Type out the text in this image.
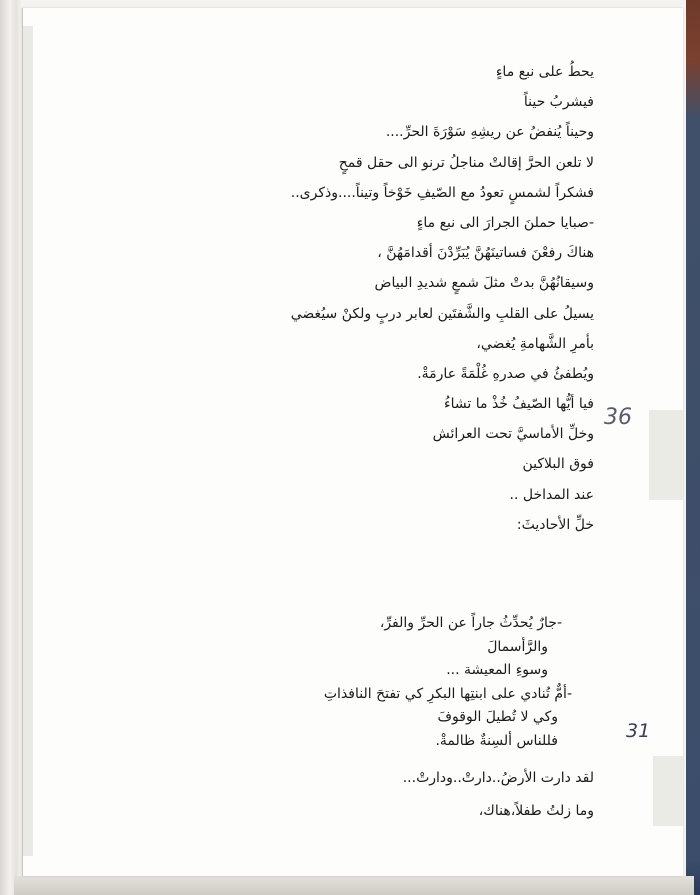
يحطُ على نبع ماءٍ
فيشربُ حيناً
وحيناً يُنفضُ عن ريشِهِ سَوْرَةَ الحرِّ....
لا تلعن الحرَّ إقالتْ مناجلُ ترنو الى حقل قمحٍ
فشكراً لشمسٍ تعودُ مع الصّيفِ خَوْخاً وتيناً....وذكرى..
-صبايا حملنَ الجرارَ الى نبع ماءٍ
هناكَ رفعْنَ فساتينَهُنَّ يُبَرِّدْنَ أقدامَهُنَّ ،
وسيقانُهُنَّ بدتْ مثلَ شمعٍ شديدِ البياض
يسيلُ على القلبِ والشَّفتَين لعابر دربٍ ولكنْ سيُغضي
بأمرِ الشَّهامةِ يُغضي،
ويُطفئُ في صدرهِ غُلْمَةً عارمَةْ.
فيا أيُّها الصّيفُ خُذْ ما تشاءُ
وخلِّ الأماسيَّ تحت العرائش
فوق البلاكين
عند المداخل ..
خلِّ الأحاديثَ:
-جارٌ يُحدِّثُ جاراً عن الحرِّ والفرِّ،
والرَّأسمالَ
وسوءِ المعيشة ...
-أمٌّ تُنادي على ابنتِها البكرِ كي تفتحَ النافذاتِ
وكي لا تُطيلَ الوقوفَ
فللناس ألسِنةٌ ظالمةْ.
لقد دارت الأرضُ..دارتْ..ودارتْ...
وما زلتُ طفلاً،هناك،
36
31
